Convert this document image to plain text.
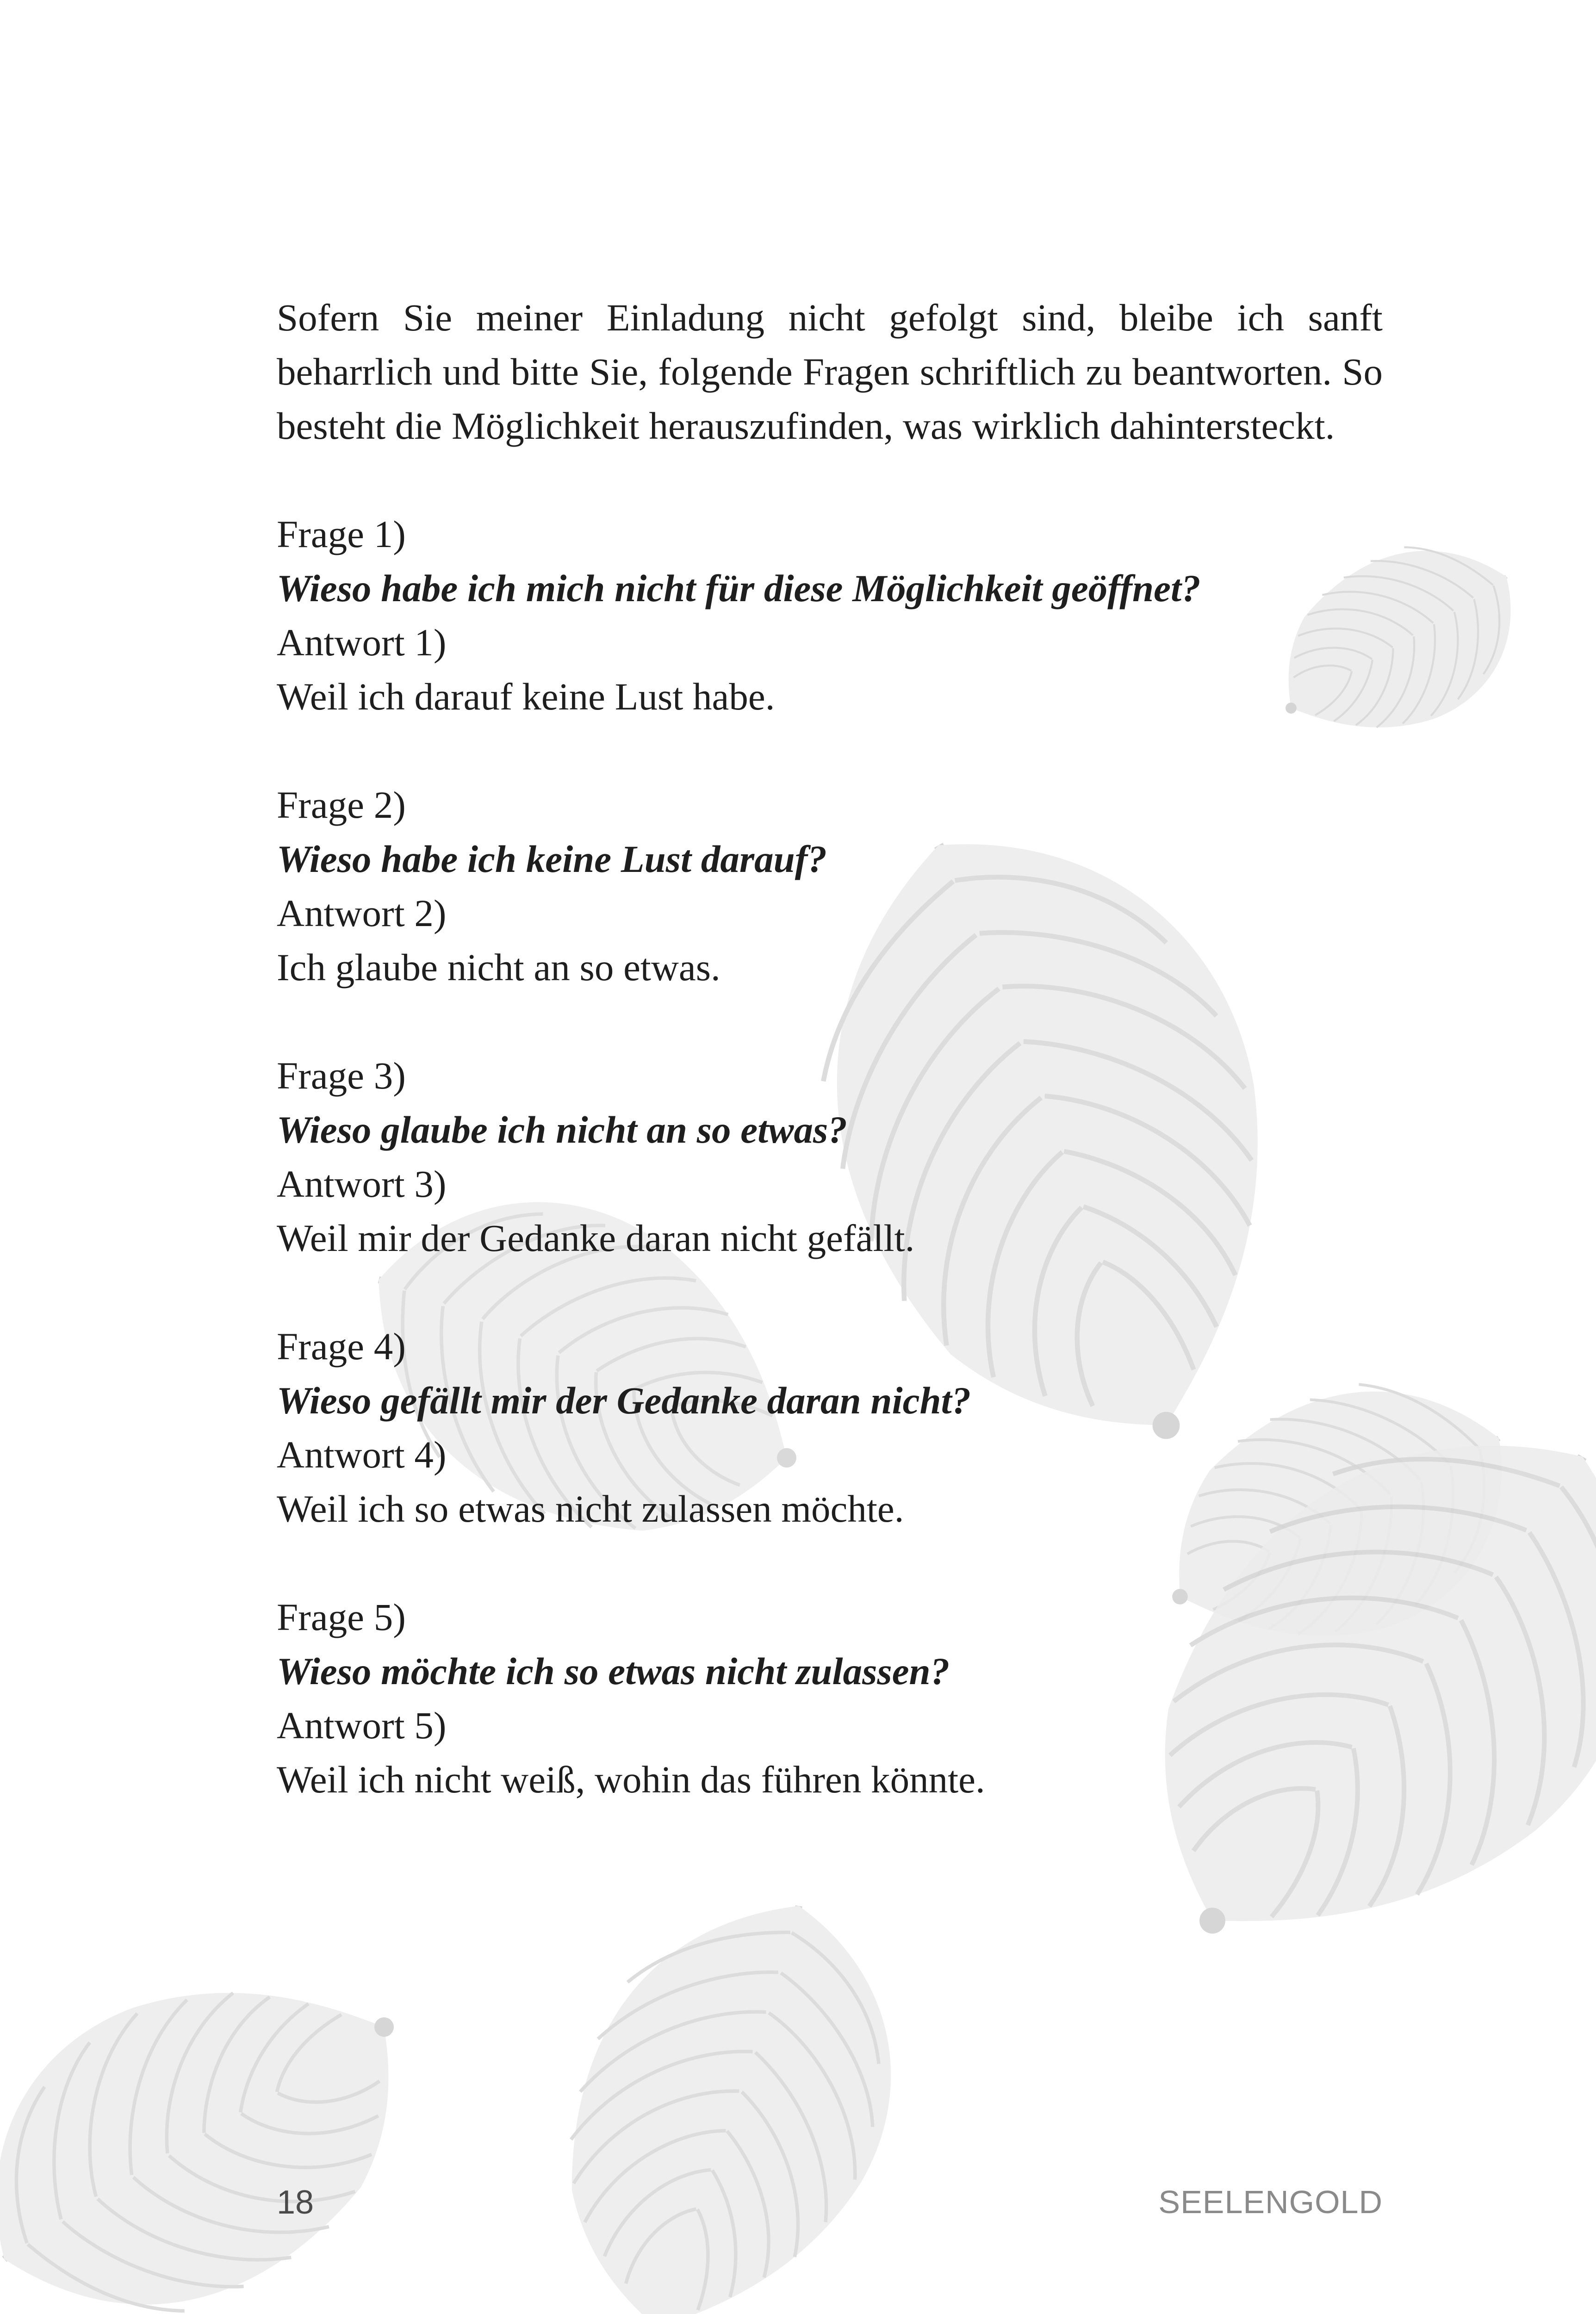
Sofern Sie meiner Einladung nicht gefolgt sind, bleibe ich sanft beharrlich und bitte Sie, folgende Fragen schriftlich zu beantworten. So besteht die Möglichkeit herauszufinden, was wirklich dahintersteckt.

Frage 1)

Wieso habe ich mich nicht für diese Möglichkeit geöffnet?

Antwort 1)

Weil ich darauf keine Lust habe.

Frage 2)

Wieso habe ich keine Lust darauf?

Antwort 2)

Ich glaube nicht an so etwas.

Frage 3)

Wieso glaube ich nicht an so etwas?

Antwort 3)

Weil mir der Gedanke daran nicht gefällt.

Frage 4)

Wieso gefällt mir der Gedanke daran nicht?

Antwort 4)

Weil ich so etwas nicht zulassen möchte.

Frage 5)

Wieso möchte ich so etwas nicht zulassen?

Antwort 5)

Weil ich nicht weiß, wohin das führen könnte.

18	SEELENGOLD
